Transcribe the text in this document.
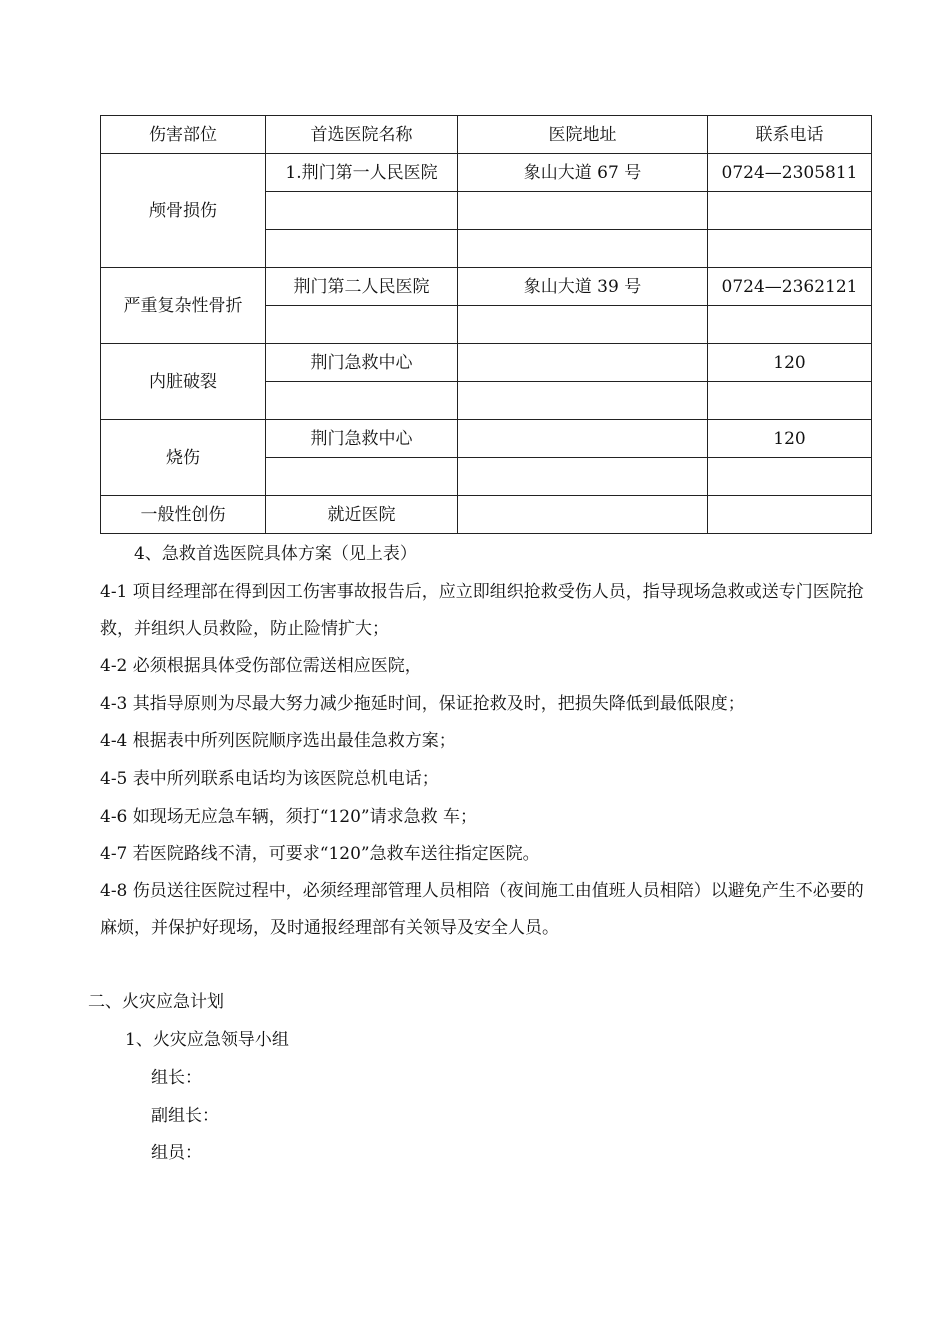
伤害部位	首选医院名称	医院地址	联系电话
颅骨损伤	1.荆门第一人民医院	象山大道 67 号	0724—2305811

严重复杂性骨折	荆门第二人民医院	象山大道 39 号	0724—2362121

内脏破裂	荆门急救中心		120

烧伤	荆门急救中心		120

一般性创伤	就近医院		

4、急救首选医院具体方案（见上表）

4-1 项目经理部在得到因工伤害事故报告后，应立即组织抢救受伤人员，指导现场急救或送专门医院抢救，并组织人员救险，防止险情扩大；

4-2 必须根据具体受伤部位需送相应医院，

4-3 其指导原则为尽最大努力减少拖延时间，保证抢救及时，把损失降低到最低限度；

4-4 根据表中所列医院顺序选出最佳急救方案；

4-5 表中所列联系电话均为该医院总机电话；

4-6 如现场无应急车辆，须打“120”请求急救 车；

4-7 若医院路线不清，可要求“120”急救车送往指定医院。

4-8 伤员送往医院过程中，必须经理部管理人员相陪（夜间施工由值班人员相陪）以避免产生不必要的麻烦，并保护好现场，及时通报经理部有关领导及安全人员。

二、火灾应急计划

1、火灾应急领导小组

组长：

副组长：

组员：
